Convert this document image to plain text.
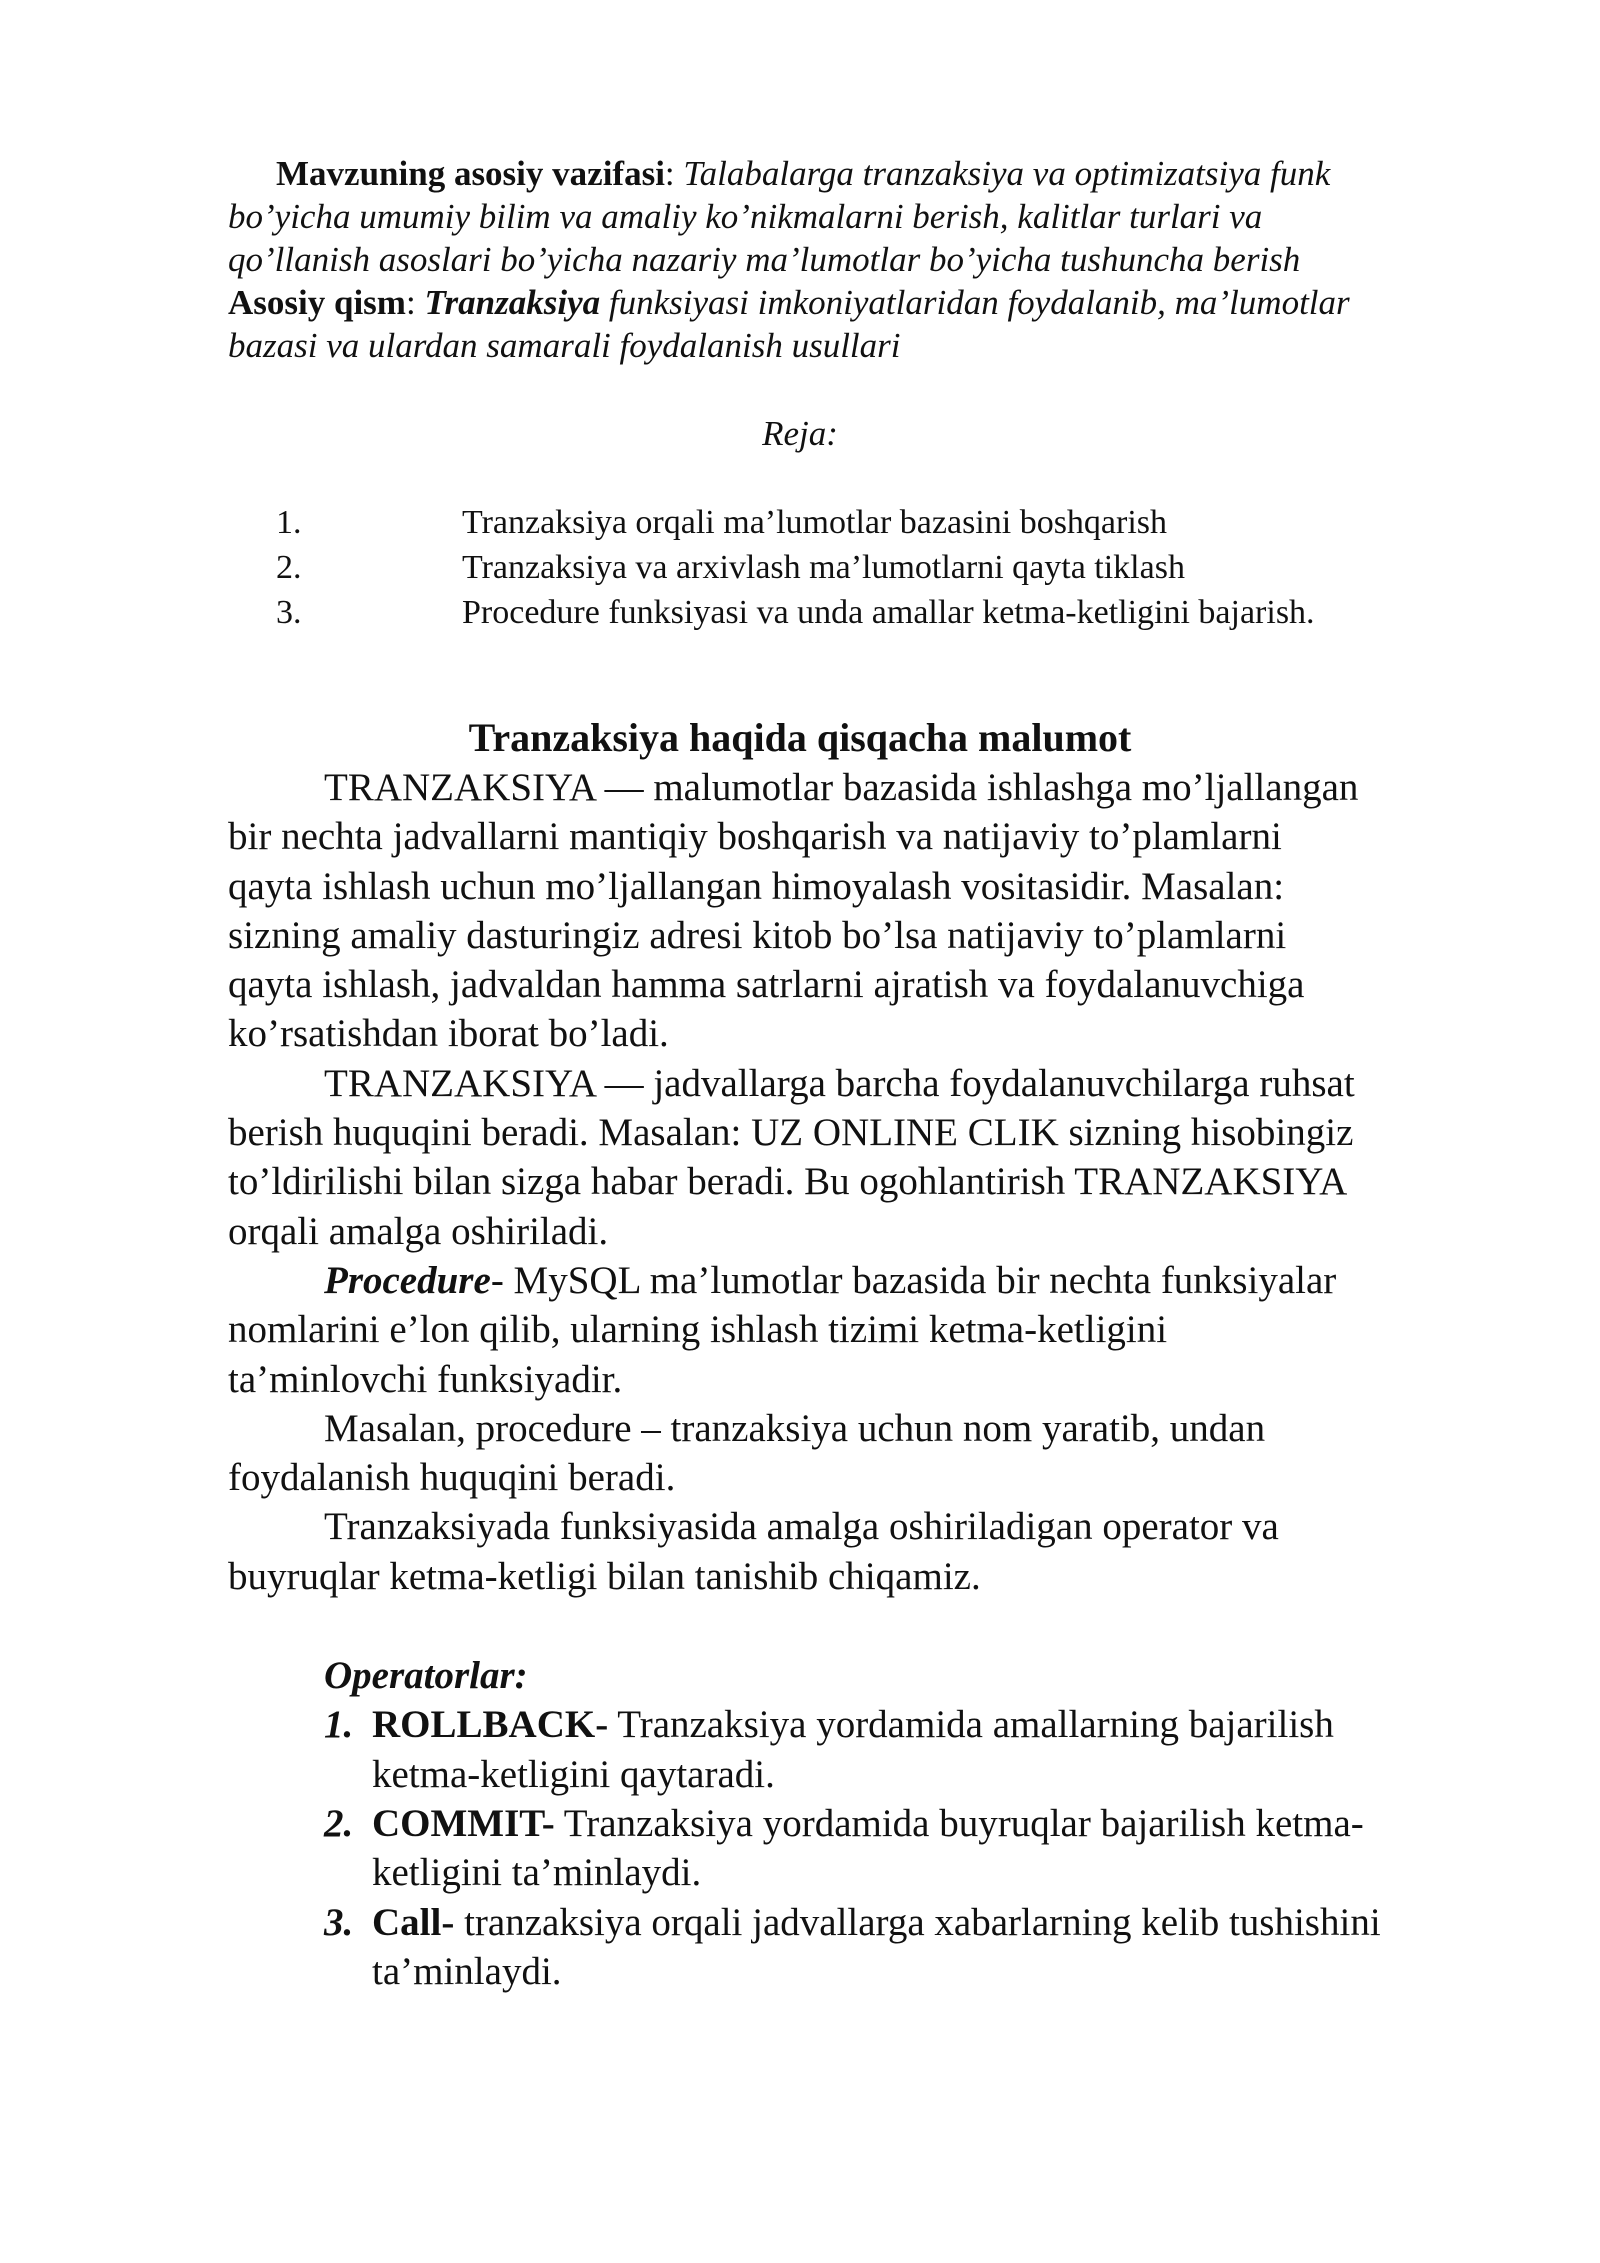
Mavzuning asosiy vazifasi: Talabalarga tranzaksiya va optimizatsiya funk
bo’yicha umumiy bilim va amaliy ko’nikmalarni berish, kalitlar turlari va
qo’llanish asoslari bo’yicha nazariy ma’lumotlar bo’yicha tushuncha berish
Asosiy qism: Tranzaksiya funksiyasi imkoniyatlaridan foydalanib, ma’lumotlar
bazasi va ulardan samarali foydalanish usullari
Reja:
1.	Tranzaksiya orqali ma’lumotlar bazasini boshqarish
2.	Tranzaksiya va arxivlash ma’lumotlarni qayta tiklash
3.	Procedure funksiyasi va unda amallar ketma-ketligini bajarish.
Tranzaksiya haqida qisqacha malumot
TRANZAKSIYA — malumotlar bazasida ishlashga mo’ljallangan
bir nechta jadvallarni mantiqiy boshqarish va natijaviy to’plamlarni
qayta ishlash uchun mo’ljallangan himoyalash vositasidir. Masalan:
sizning amaliy dasturingiz adresi kitob bo’lsa natijaviy to’plamlarni
qayta ishlash, jadvaldan hamma satrlarni ajratish va foydalanuvchiga
ko’rsatishdan iborat bo’ladi.
TRANZAKSIYA — jadvallarga barcha foydalanuvchilarga ruhsat
berish huquqini beradi. Masalan: UZ ONLINE CLIK sizning hisobingiz
to’ldirilishi bilan sizga habar beradi. Bu ogohlantirish TRANZAKSIYA
orqali amalga oshiriladi.
Procedure- MySQL ma’lumotlar bazasida bir nechta funksiyalar
nomlarini e’lon qilib, ularning ishlash tizimi ketma-ketligini
ta’minlovchi funksiyadir.
Masalan, procedure – tranzaksiya uchun nom yaratib, undan
foydalanish huquqini beradi.
Tranzaksiyada funksiyasida amalga oshiriladigan operator va
buyruqlar ketma-ketligi bilan tanishib chiqamiz.
Operatorlar:
1. ROLLBACK- Tranzaksiya yordamida amallarning bajarilish
ketma-ketligini qaytaradi.
2. COMMIT- Tranzaksiya yordamida buyruqlar bajarilish ketma-
ketligini ta’minlaydi.
3. Call- tranzaksiya orqali jadvallarga xabarlarning kelib tushishini
ta’minlaydi.
